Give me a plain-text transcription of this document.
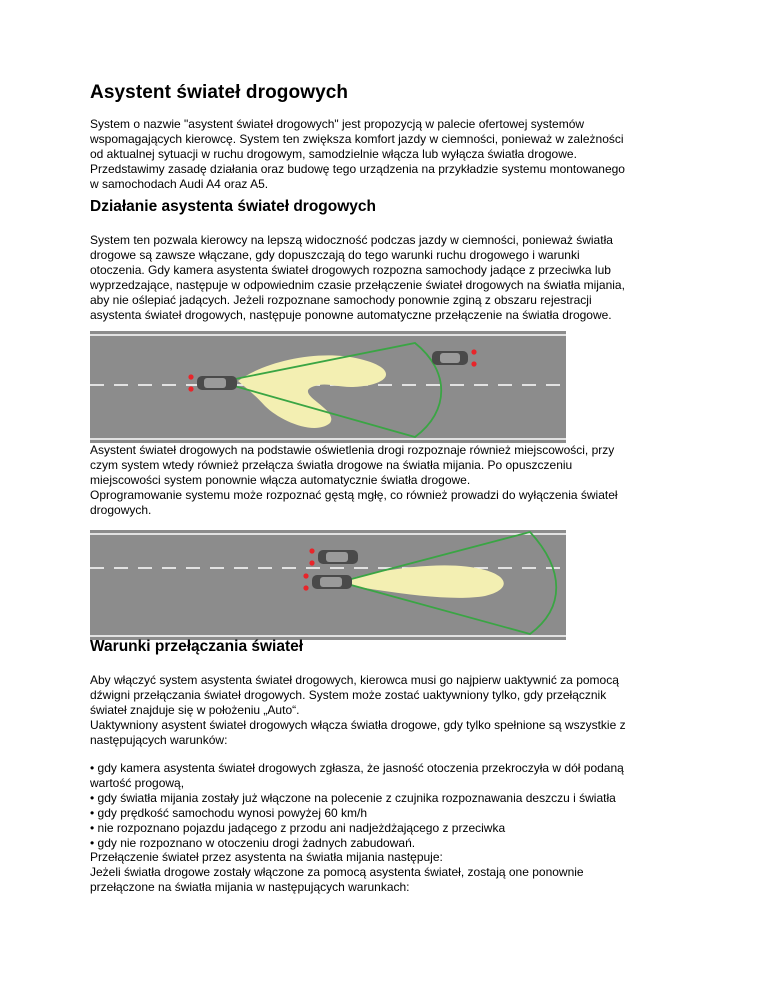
Asystent świateł drogowych
System o nazwie "asystent świateł drogowych" jest propozycją w palecie ofertowej systemów
wspomagających kierowcę. System ten zwiększa komfort jazdy w ciemności, ponieważ w zależności
od aktualnej sytuacji w ruchu drogowym, samodzielnie włącza lub wyłącza światła drogowe.
Przedstawimy zasadę działania oraz budowę tego urządzenia na przykładzie systemu montowanego
w samochodach Audi A4 oraz A5.
Działanie asystenta świateł drogowych
System ten pozwala kierowcy na lepszą widoczność podczas jazdy w ciemności, ponieważ światła
drogowe są zawsze włączane, gdy dopuszczają do tego warunki ruchu drogowego i warunki
otoczenia. Gdy kamera asystenta świateł drogowych rozpozna samochody jadące z przeciwka lub
wyprzedzające, następuje w odpowiednim czasie przełączenie świateł drogowych na światła mijania,
aby nie oślepiać jadących. Jeżeli rozpoznane samochody ponownie zginą z obszaru rejestracji
asystenta świateł drogowych, następuje ponowne automatyczne przełączenie na światła drogowe.
Asystent świateł drogowych na podstawie oświetlenia drogi rozpoznaje również miejscowości, przy
czym system wtedy również przełącza światła drogowe na światła mijania. Po opuszczeniu
miejscowości system ponownie włącza automatycznie światła drogowe.
Oprogramowanie systemu może rozpoznać gęstą mgłę, co również prowadzi do wyłączenia świateł
drogowych.
Warunki przełączania świateł
Aby włączyć system asystenta świateł drogowych, kierowca musi go najpierw uaktywnić za pomocą
dźwigni przełączania świateł drogowych. System może zostać uaktywniony tylko, gdy przełącznik
świateł znajduje się w położeniu „Auto“.
Uaktywniony asystent świateł drogowych włącza światła drogowe, gdy tylko spełnione są wszystkie z
następujących warunków:
• gdy kamera asystenta świateł drogowych zgłasza, że jasność otoczenia przekroczyła w dół podaną
wartość progową,
• gdy światła mijania zostały już włączone na polecenie z czujnika rozpoznawania deszczu i światła
• gdy prędkość samochodu wynosi powyżej 60 km/h
• nie rozpoznano pojazdu jadącego z przodu ani nadjeżdżającego z przeciwka
• gdy nie rozpoznano w otoczeniu drogi żadnych zabudowań.
Przełączenie świateł przez asystenta na światła mijania następuje:
Jeżeli światła drogowe zostały włączone za pomocą asystenta świateł, zostają one ponownie
przełączone na światła mijania w następujących warunkach:
